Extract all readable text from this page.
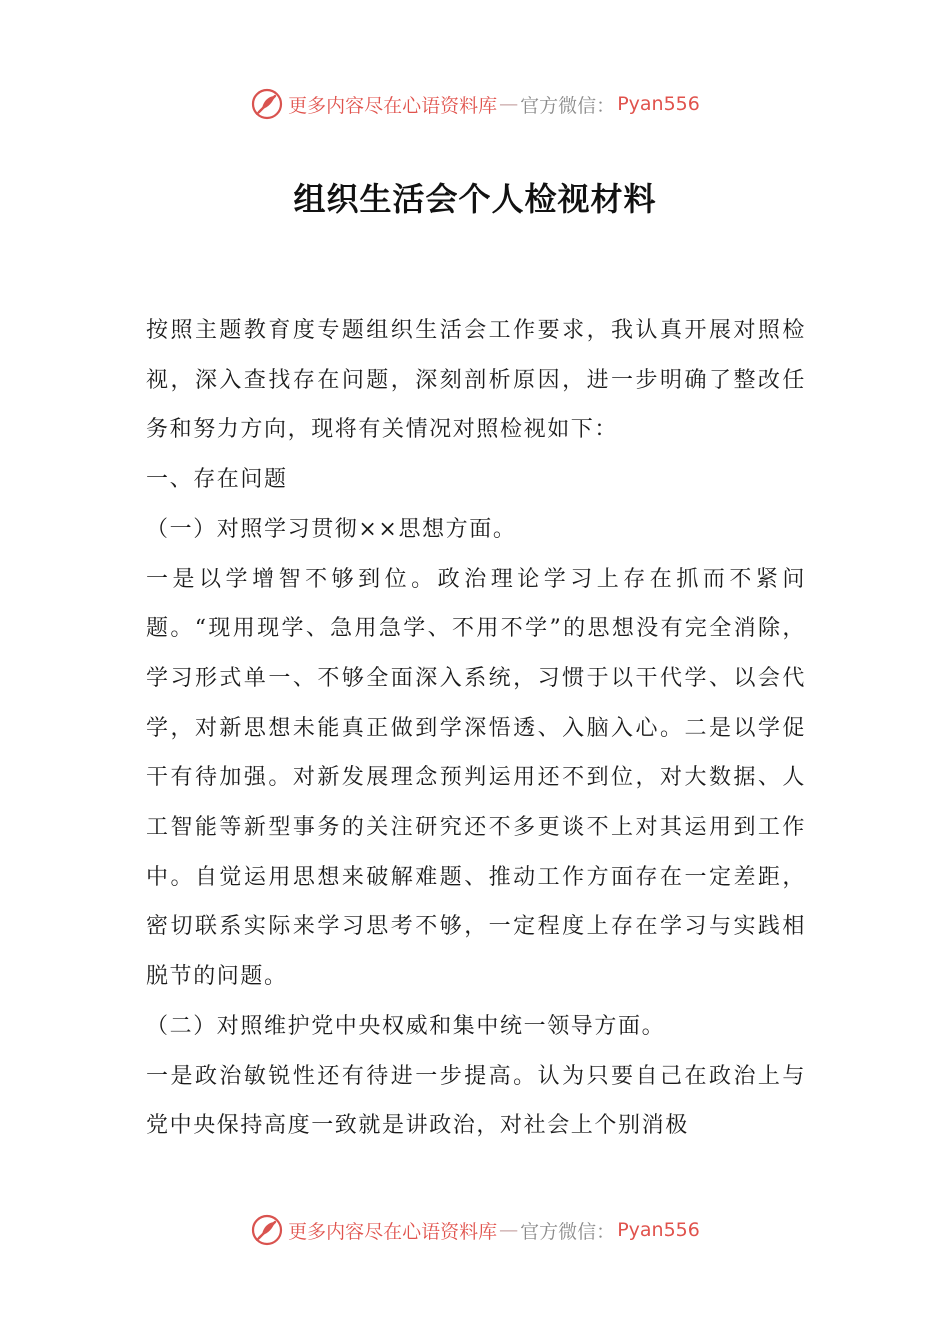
更多内容尽在心语资料库 — 官方微信： Pyan556
组织生活会个人检视材料

按照主题教育度专题组织生活会工作要求，我认真开展对照检视，深入查找存在问题，深刻剖析原因，进一步明确了整改任务和努力方向，现将有关情况对照检视如下：

一、存在问题

（一）对照学习贯彻××思想方面。

一是以学增智不够到位。政治理论学习上存在抓而不紧问题。“现用现学、急用急学、不用不学”的思想没有完全消除，学习形式单一、不够全面深入系统，习惯于以干代学、以会代学，对新思想未能真正做到学深悟透、入脑入心。二是以学促干有待加强。对新发展理念预判运用还不到位，对大数据、人工智能等新型事务的关注研究还不多更谈不上对其运用到工作中。自觉运用思想来破解难题、推动工作方面存在一定差距，密切联系实际来学习思考不够，一定程度上存在学习与实践相脱节的问题。

（二）对照维护党中央权威和集中统一领导方面。

一是政治敏锐性还有待进一步提高。认为只要自己在政治上与党中央保持高度一致就是讲政治，对社会上个别消极

更多内容尽在心语资料库 — 官方微信： Pyan556
